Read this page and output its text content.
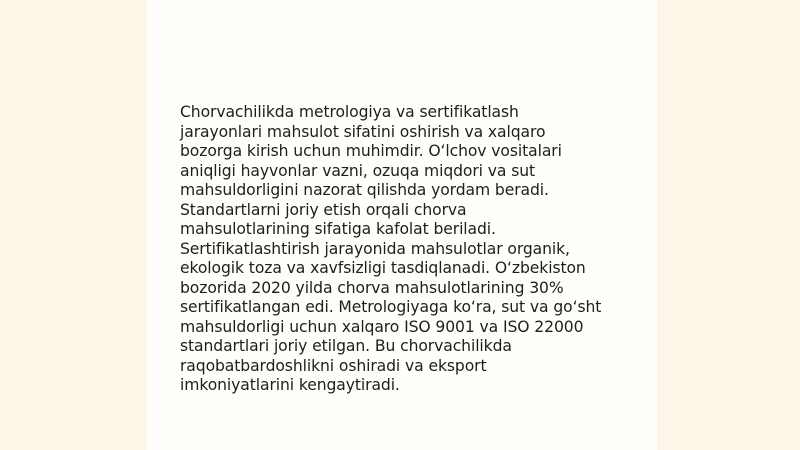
Chorvachilikda metrologiya va sertifikatlash
jarayonlari mahsulot sifatini oshirish va xalqaro
bozorga kirish uchun muhimdir. O‘lchov vositalari
aniqligi hayvonlar vazni, ozuqa miqdori va sut
mahsuldorligini nazorat qilishda yordam beradi.
Standartlarni joriy etish orqali chorva
mahsulotlarining sifatiga kafolat beriladi.
Sertifikatlashtirish jarayonida mahsulotlar organik,
ekologik toza va xavfsizligi tasdiqlanadi. O‘zbekiston
bozorida 2020 yilda chorva mahsulotlarining 30%
sertifikatlangan edi. Metrologiyaga ko‘ra, sut va go‘sht
mahsuldorligi uchun xalqaro ISO 9001 va ISO 22000
standartlari joriy etilgan. Bu chorvachilikda
raqobatbardoshlikni oshiradi va eksport
imkoniyatlarini kengaytiradi.
